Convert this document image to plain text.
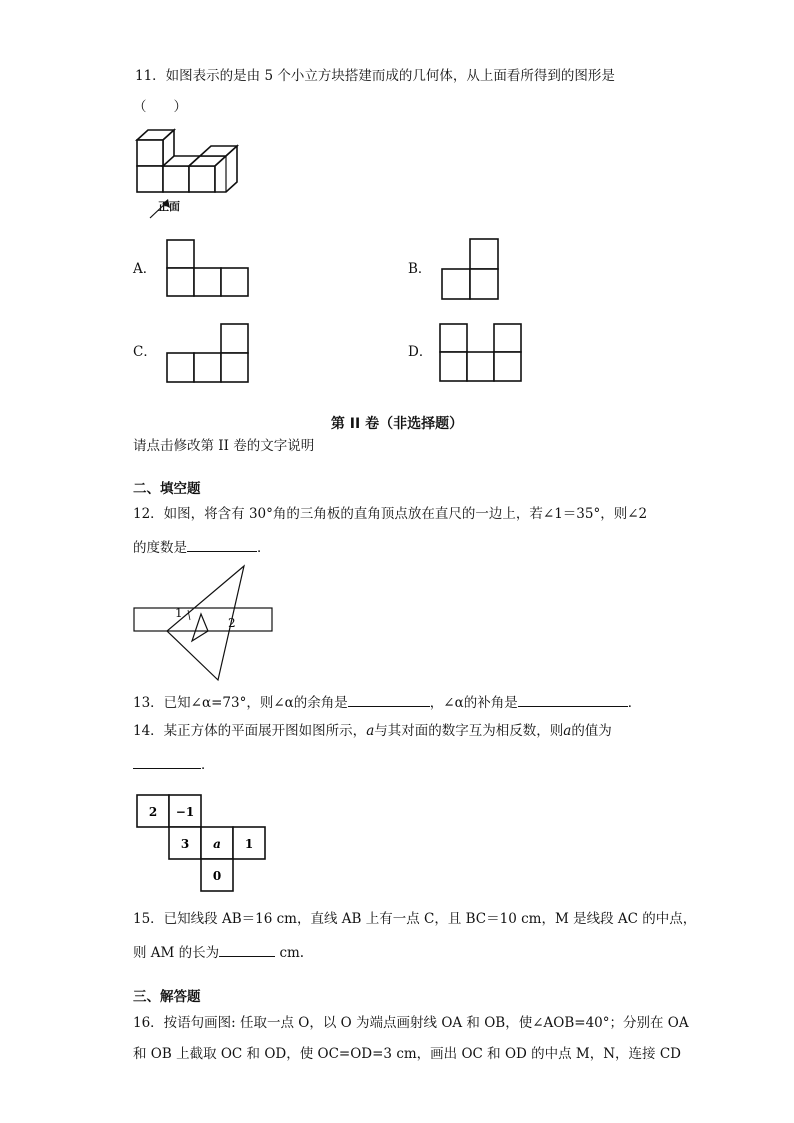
11．如图表示的是由 5 个小立方块搭建而成的几何体，从上面看所得到的图形是
（　　）
2 −1
3 a 1
0
正面
A．	B．
C．	D．
第 II 卷（非选择题）
请点击修改第 II 卷的文字说明
二、填空题
12．如图，将含有 30°角的三角板的直角顶点放在直尺的一边上，若∠1＝35°，则∠2
的度数是	．
1
2
13．已知∠α=73°，则∠α的余角是	，∠α的补角是	．
14．某正方体的平面展开图如图所示，a与其对面的数字互为相反数，则a的值为
．
15．已知线段 AB＝16 cm，直线 AB 上有一点 C，且 BC＝10 cm，M 是线段 AC 的中点，
则 AM 的长为	cm.
三、解答题
16．按语句画图: 任取一点 O，以 O 为端点画射线 OA 和 OB，使∠AOB=40°；分别在 OA
和 OB 上截取 OC 和 OD，使 OC=OD=3 cm，画出 OC 和 OD 的中点 M，N，连接 CD
